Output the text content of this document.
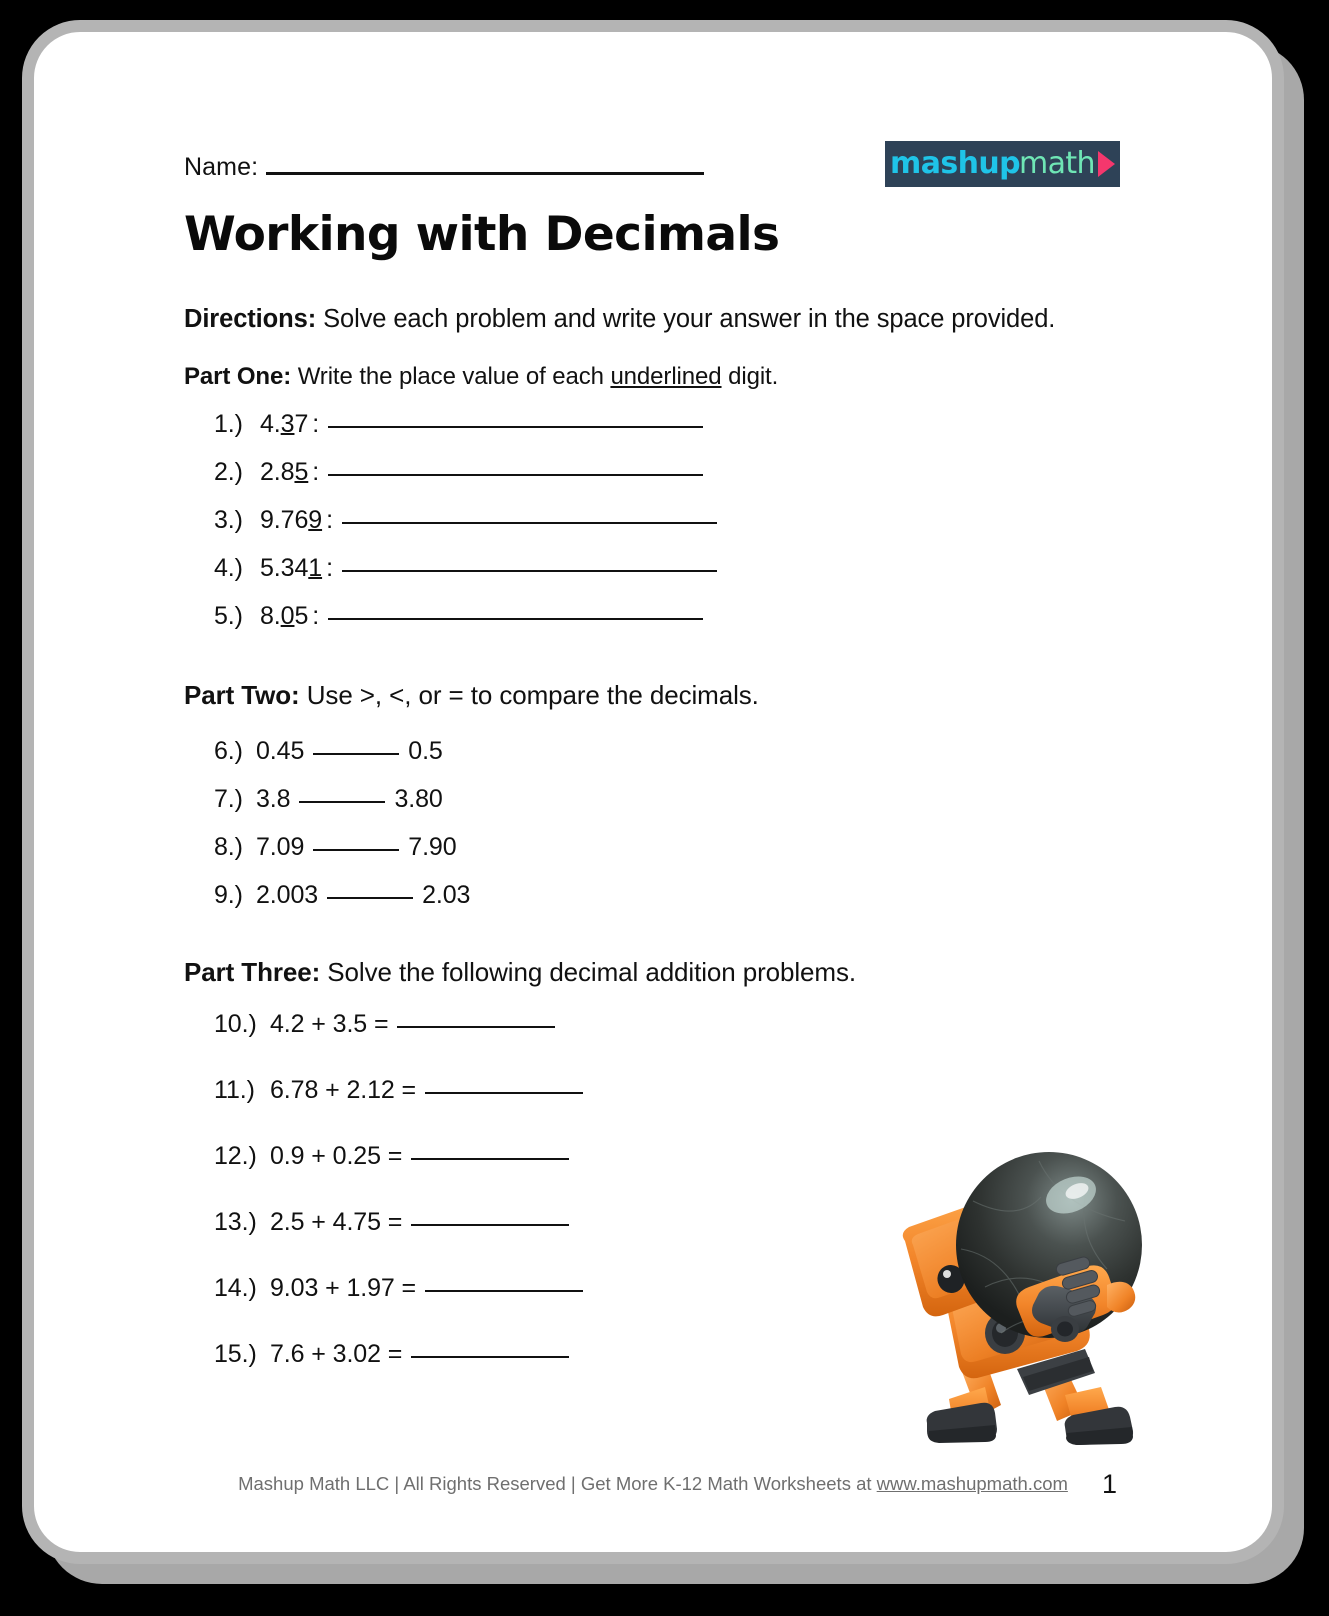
Name:	mashup math
Working with Decimals
Directions: Solve each problem and write your answer in the space provided.
Part One: Write the place value of each underlined digit.
1.) 4.37 :
2.) 2.85 :
3.) 9.769 :
4.) 5.341 :
5.) 8.05 :
Part Two: Use >, <, or = to compare the decimals.
6.) 0.45	0.5
7.) 3.8	3.80
8.) 7.09	7.90
9.) 2.003	2.03
Part Three: Solve the following decimal addition problems.
10.) 4.2 + 3.5 =
11.) 6.78 + 2.12 =
12.) 0.9 + 0.25 =
13.) 2.5 + 4.75 =
14.) 9.03 + 1.97 =
15.) 7.6 + 3.02 =
Mashup Math LLC | All Rights Reserved | Get More K-12 Math Worksheets at www.mashupmath.com	1
